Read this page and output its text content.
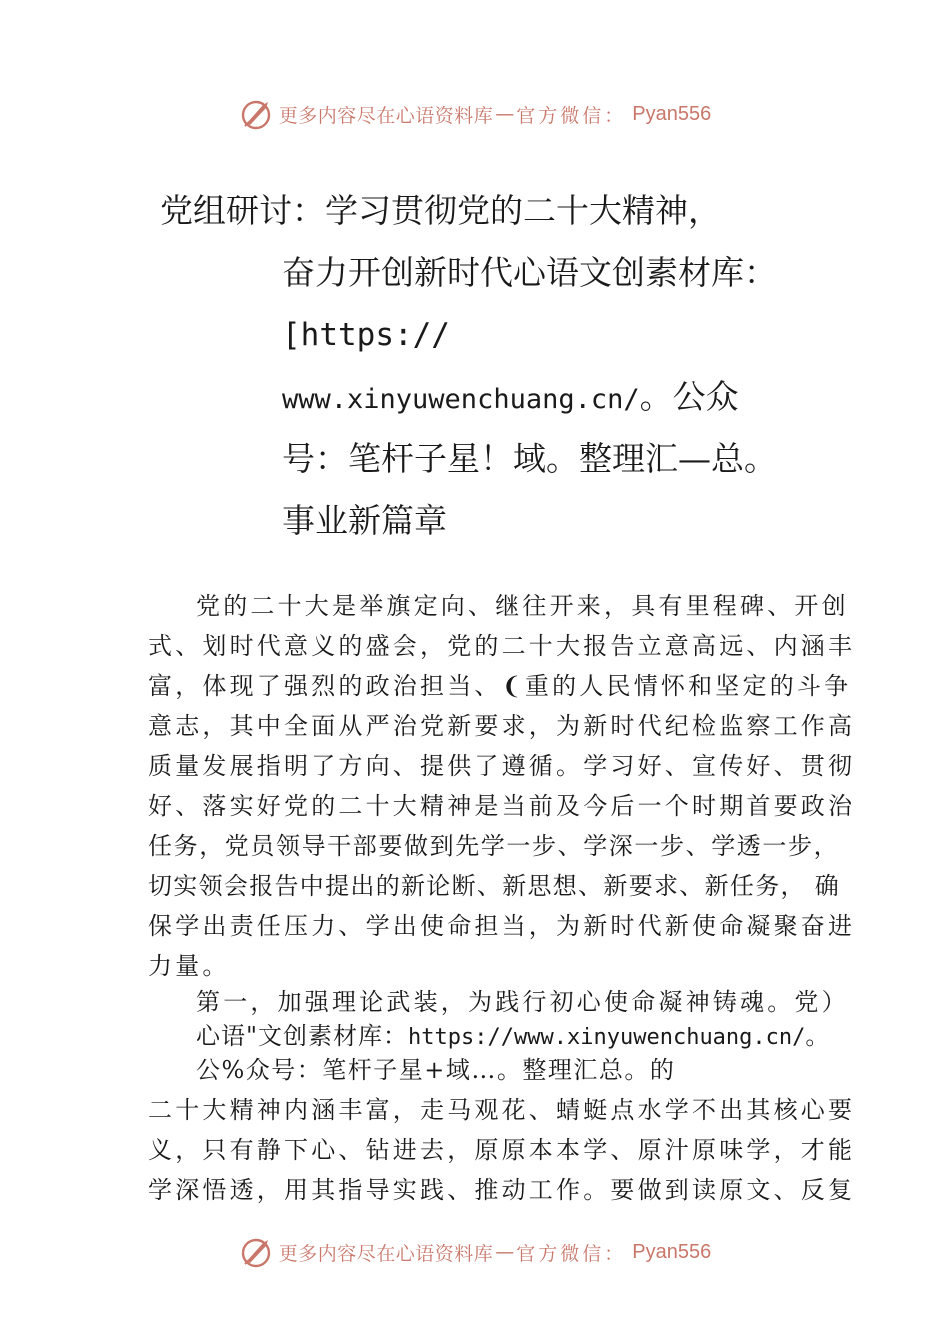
更多内容尽在心语资料库 — 官方微信： Pyan556
党组研讨：学习贯彻党的二十大精神，
奋力开创新时代心语文创素材库：
[https://
www.xinyuwenchuang.cn/。公众
号：笔杆子星！域。整理汇—总。
事业新篇章
党的二十大是举旗定向、继往开来，具有里程碑、开创
式、划时代意义的盛会，党的二十大报告立意高远、内涵丰
富，体现了强烈的政治担当、❨重的人民情怀和坚定的斗争
意志，其中全面从严治党新要求，为新时代纪检监察工作高
质量发展指明了方向、提供了遵循。学习好、宣传好、贯彻
好、落实好党的二十大精神是当前及今后一个时期首要政治
任务，党员领导干部要做到先学一步、学深一步、学透一步，
切实领会报告中提出的新论断、新思想、新要求、新任务， 确
保学出责任压力、学出使命担当，为新时代新使命凝聚奋进
力量。
第一，加强理论武装，为践行初心使命凝神铸魂。党）
心语"文创素材库：https://www.xinyuwenchuang.cn/。
公%众号：笔杆子星+域…。整理汇总。的
二十大精神内涵丰富，走马观花、蜻蜓点水学不出其核心要
义，只有静下心、钻进去，原原本本学、原汁原味学，才能
学深悟透，用其指导实践、推动工作。要做到读原文、反复
更多内容尽在心语资料库 — 官方微信： Pyan556
